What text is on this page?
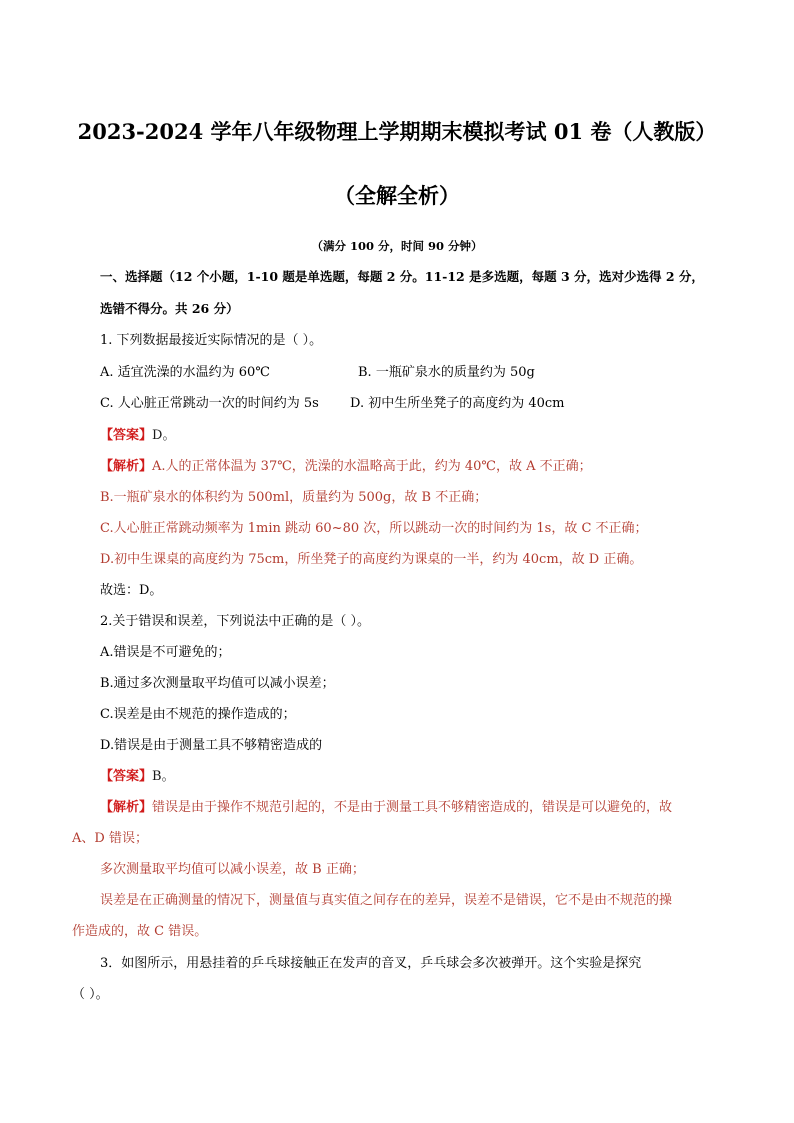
2023-2024 学年八年级物理上学期期末模拟考试 01 卷（人教版）
（全解全析）
（满分 100 分，时间 90 分钟）
一、选择题（12 个小题，1-10 题是单选题，每题 2 分。11-12 是多选题，每题 3 分，选对少选得 2 分，
选错不得分。共 26 分）
1. 下列数据最接近实际情况的是（ ）。
A. 适宜洗澡的水温约为 60℃	B. 一瓶矿泉水的质量约为 50g
C. 人心脏正常跳动一次的时间约为 5s D. 初中生所坐凳子的高度约为 40cm
【答案】D。
【解析】A.人的正常体温为 37℃，洗澡的水温略高于此，约为 40℃，故 A 不正确；
B.一瓶矿泉水的体积约为 500ml，质量约为 500g，故 B 不正确；
C.人心脏正常跳动频率为 1min 跳动 60~80 次，所以跳动一次的时间约为 1s，故 C 不正确；
D.初中生课桌的高度约为 75cm，所坐凳子的高度约为课桌的一半，约为 40cm，故 D 正确。
故选：D。
2.关于错误和误差，下列说法中正确的是（ ）。
A.错误是不可避免的；
B.通过多次测量取平均值可以减小误差；
C.误差是由不规范的操作造成的；
D.错误是由于测量工具不够精密造成的
【答案】B。
【解析】错误是由于操作不规范引起的，不是由于测量工具不够精密造成的，错误是可以避免的，故
A、D 错误；
多次测量取平均值可以减小误差，故 B 正确；
误差是在正确测量的情况下，测量值与真实值之间存在的差异，误差不是错误，它不是由不规范的操
作造成的，故 C 错误。
3．如图所示，用悬挂着的乒乓球接触正在发声的音叉，乒乓球会多次被弹开。这个实验是探究
（ ）。
